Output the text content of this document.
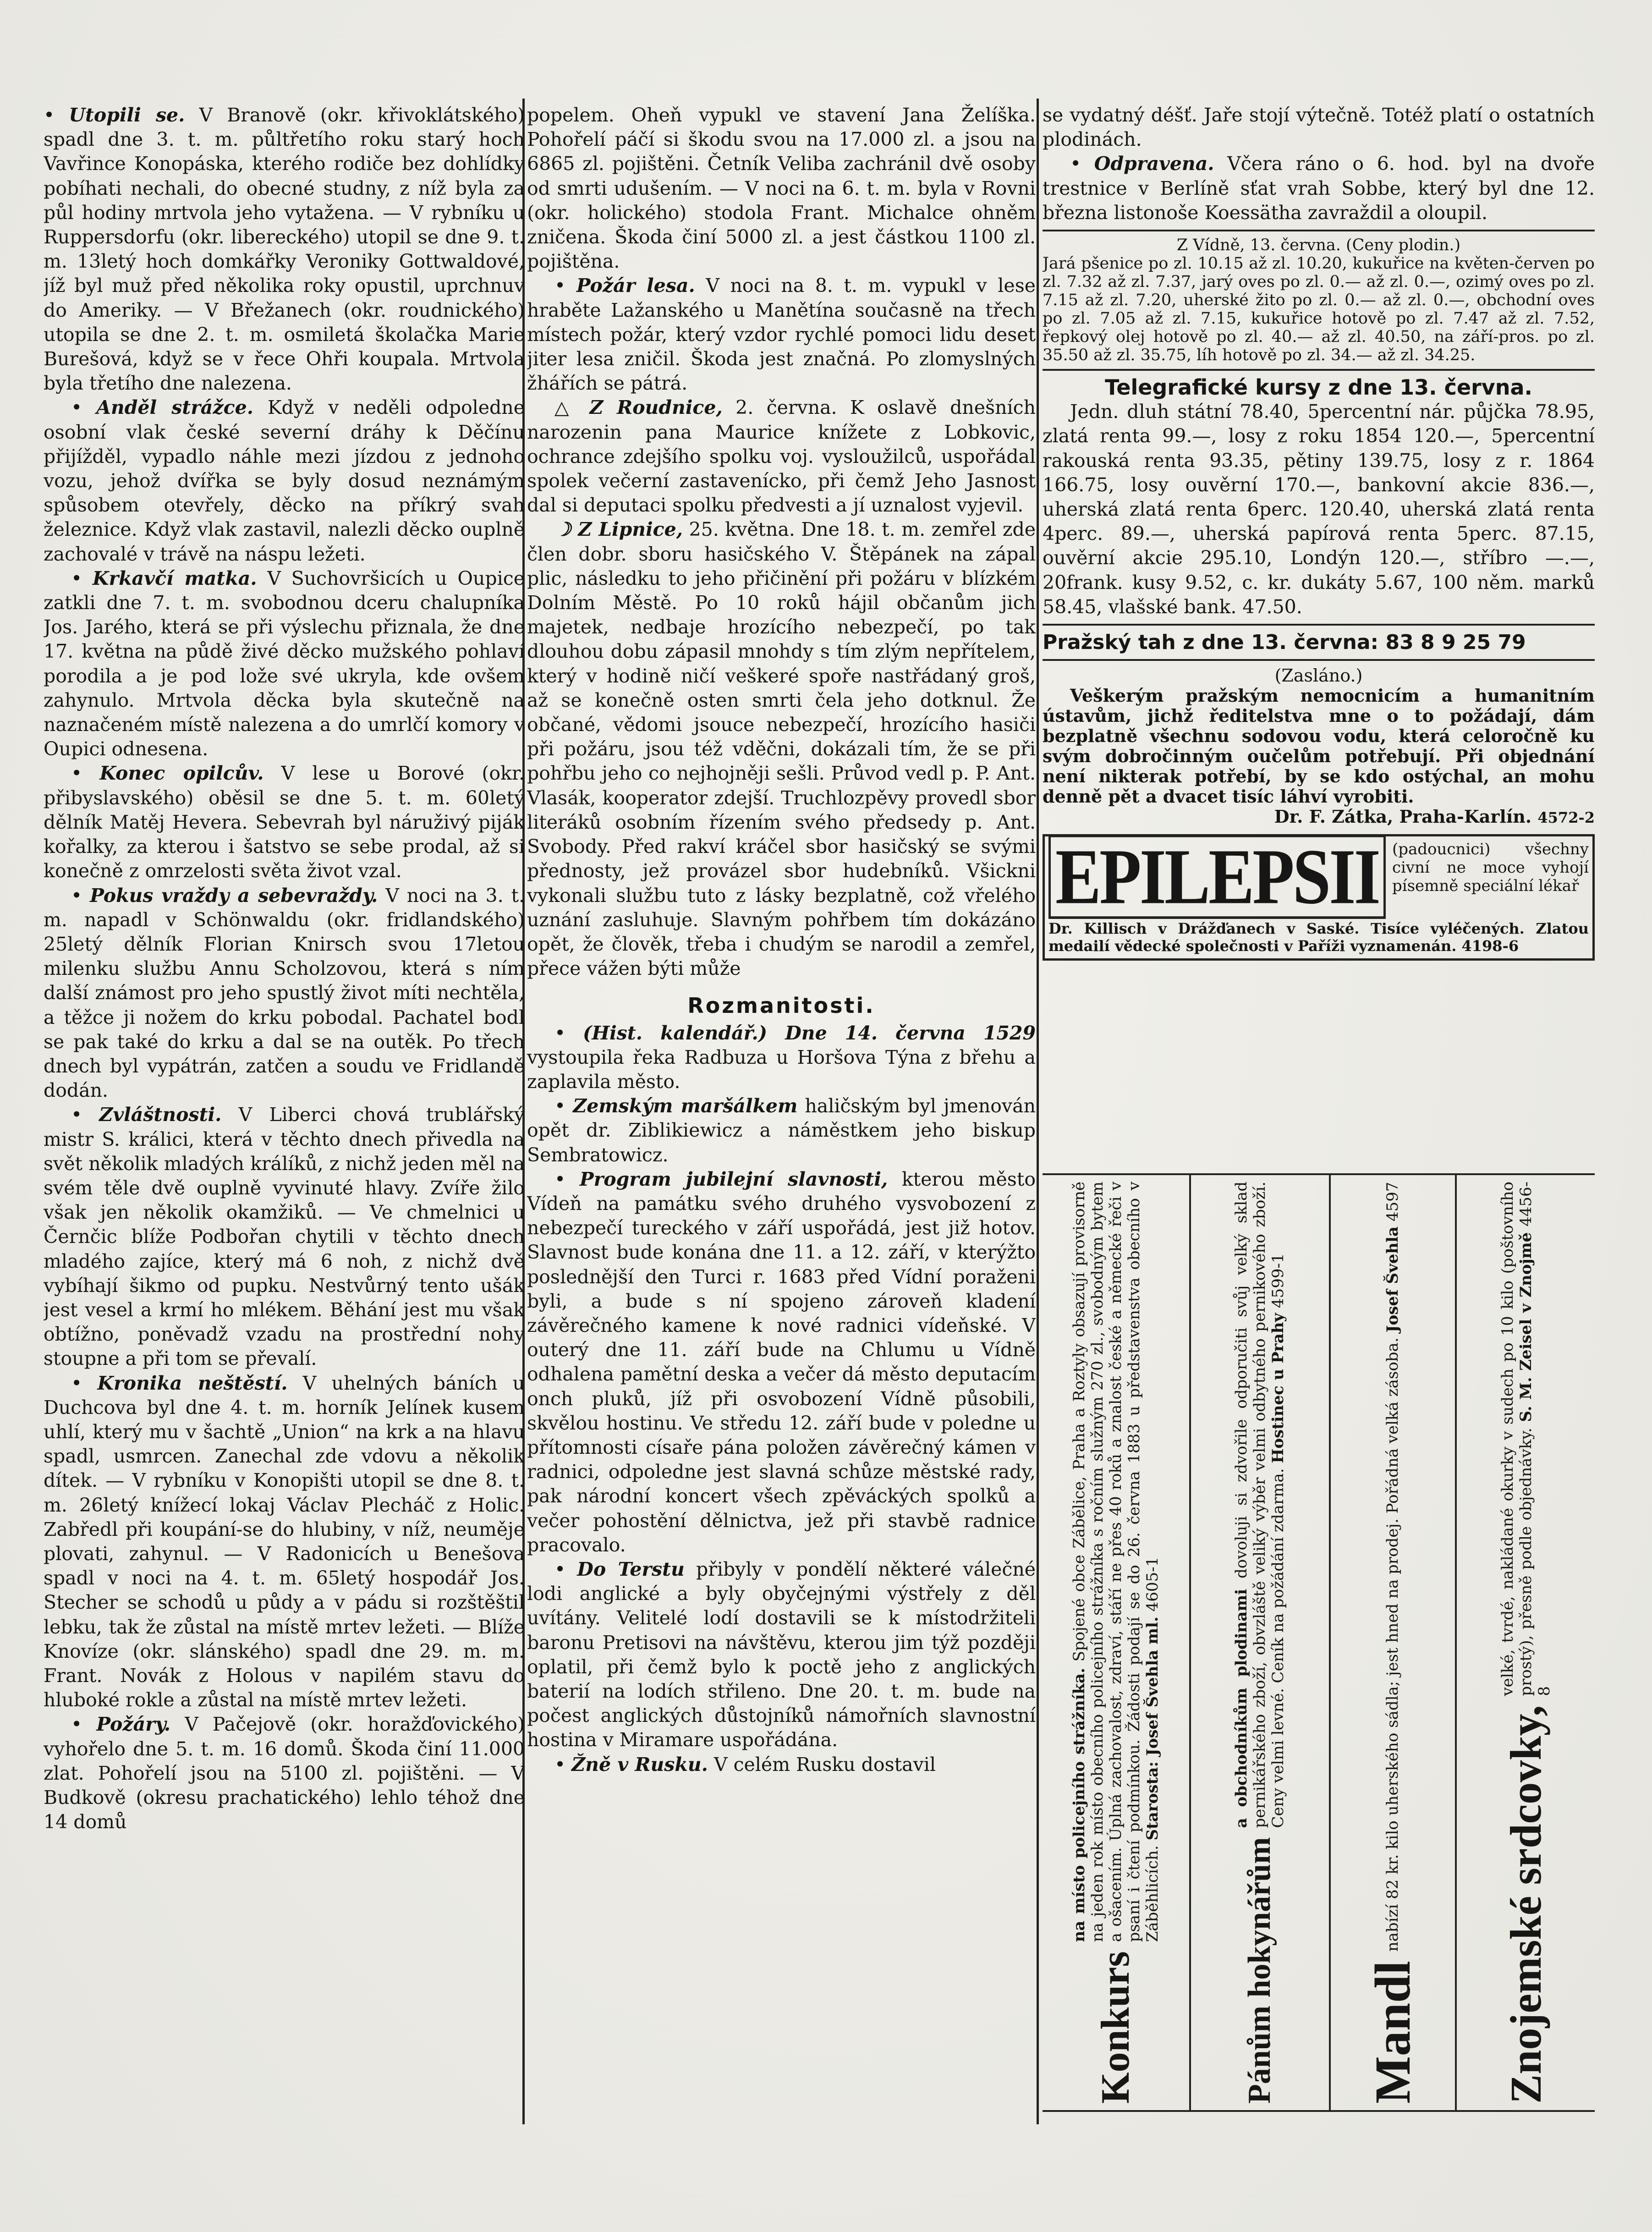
• Utopili se. V Branově (okr. křivoklátského) spadl dne 3. t. m. půltřetího roku starý hoch Vavřince Konopáska, kterého rodiče bez dohlídky pobíhati nechali, do obecné studny, z níž byla za půl hodiny mrtvola jeho vytažena. — V rybníku u Ruppersdorfu (okr. libereckého) utopil se dne 9. t. m. 13letý hoch domkářky Veroniky Gottwaldové, jíž byl muž před několika roky opustil, uprchnuv do Ameriky. — V Břežanech (okr. roudnického) utopila se dne 2. t. m. osmiletá školačka Marie Burešová, když se v řece Ohři koupala. Mrtvola byla třetího dne nalezena.

• Anděl strážce. Když v neděli odpoledne osobní vlak české severní dráhy k Děčínu přijížděl, vypadlo náhle mezi jízdou z jednoho vozu, jehož dvířka se byly dosud neznámým spůsobem otevřely, děcko na příkrý svah železnice. Když vlak zastavil, nalezli děcko ouplně zachovalé v trávě na náspu ležeti.

• Krkavčí matka. V Suchovršicích u Oupice zatkli dne 7. t. m. svobodnou dceru chalupníka Jos. Jarého, která se při výslechu přiznala, že dne 17. května na půdě živé děcko mužského pohlaví porodila a je pod lože své ukryla, kde ovšem zahynulo. Mrtvola děcka byla skutečně na naznačeném místě nalezena a do umrlčí komory v Oupici odnesena.

• Konec opilcův. V lese u Borové (okr. přibyslavského) oběsil se dne 5. t. m. 60letý dělník Matěj Hevera. Sebevrah byl náruživý piják kořalky, za kterou i šatstvo se sebe prodal, až si konečně z omrzelosti světa život vzal.

• Pokus vraždy a sebevraždy. V noci na 3. t. m. napadl v Schönwaldu (okr. fridlandského) 25letý dělník Florian Knirsch svou 17letou milenku službu Annu Scholzovou, která s ním další známost pro jeho spustlý život míti nechtěla, a těžce ji nožem do krku pobodal. Pachatel bodl se pak také do krku a dal se na outěk. Po třech dnech byl vypátrán, zatčen a soudu ve Fridlandě dodán.

• Zvláštnosti. V Liberci chová trublářský mistr S. králici, která v těchto dnech přivedla na svět několik mladých králíků, z nichž jeden měl na svém těle dvě ouplně vyvinuté hlavy. Zvíře žilo však jen několik okamžiků. — Ve chmelnici u Černčic blíže Podbořan chytili v těchto dnech mladého zajíce, který má 6 noh, z nichž dvě vybíhají šikmo od pupku. Nestvůrný tento ušák jest vesel a krmí ho mlékem. Běhání jest mu však obtížno, poněvadž vzadu na prostřední nohy stoupne a při tom se převalí.

• Kronika neštěstí. V uhelných báních u Duchcova byl dne 4. t. m. horník Jelínek kusem uhlí, který mu v šachtě „Union“ na krk a na hlavu spadl, usmrcen. Zanechal zde vdovu a několik dítek. — V rybníku v Konopišti utopil se dne 8. t. m. 26letý knížecí lokaj Václav Plecháč z Holic. Zabředl při koupání-se do hlubiny, v níž, neuměje plovati, zahynul. — V Radonicích u Benešova spadl v noci na 4. t. m. 65letý hospodář Jos. Stecher se schodů u půdy a v pádu si rozštěštil lebku, tak že zůstal na místě mrtev ležeti. — Blíže Knovíze (okr. slánského) spadl dne 29. m. m. Frant. Novák z Holous v napilém stavu do hluboké rokle a zůstal na místě mrtev ležeti.

• Požáry. V Pačejově (okr. horažďovického) vyhořelo dne 5. t. m. 16 domů. Škoda činí 11.000 zlat. Pohořelí jsou na 5100 zl. pojištěni. — V Budkově (okresu prachatického) lehlo téhož dne 14 domů

popelem. Oheň vypukl ve stavení Jana Želíška. Pohořelí páčí si škodu svou na 17.000 zl. a jsou na 6865 zl. pojištěni. Četník Veliba zachránil dvě osoby od smrti udušením. — V noci na 6. t. m. byla v Rovni (okr. holického) stodola Frant. Michalce ohněm zničena. Škoda činí 5000 zl. a jest částkou 1100 zl. pojištěna.

• Požár lesa. V noci na 8. t. m. vypukl v lese hraběte Lažanského u Manětína současně na třech místech požár, který vzdor rychlé pomoci lidu deset jiter lesa zničil. Škoda jest značná. Po zlomyslných žhářích se pátrá.

△ Z Roudnice, 2. června. K oslavě dnešních narozenin pana Maurice knížete z Lobkovic, ochrance zdejšího spolku voj. vysloužilců, uspořádal spolek večerní zastavenícko, při čemž Jeho Jasnost dal si deputaci spolku předvesti a jí uznalost vyjevil.

☽ Z Lipnice, 25. května. Dne 18. t. m. zemřel zde člen dobr. sboru hasičského V. Štěpánek na zápal plic, následku to jeho přičinění při požáru v blízkém Dolním Městě. Po 10 roků hájil občanům jich majetek, nedbaje hrozícího nebezpečí, po tak dlouhou dobu zápasil mnohdy s tím zlým nepřítelem, který v hodině ničí veškeré spoře nastřádaný groš, až se konečně osten smrti čela jeho dotknul. Že občané, vědomi jsouce nebezpečí, hrozícího hasiči při požáru, jsou též vděčni, dokázali tím, že se při pohřbu jeho co nejhojněji sešli. Průvod vedl p. P. Ant. Vlasák, kooperator zdejší. Truchlozpěvy provedl sbor literáků osobním řízením svého předsedy p. Ant. Svobody. Před rakví kráčel sbor hasičský se svými přednosty, jež provázel sbor hudebníků. Všickni vykonali službu tuto z lásky bezplatně, což vřelého uznání zasluhuje. Slavným pohřbem tím dokázáno opět, že člověk, třeba i chudým se narodil a zemřel, přece vážen býti může

Rozmanitosti.

• (Hist. kalendář.) Dne 14. června 1529 vystoupila řeka Radbuza u Horšova Týna z břehu a zaplavila město.

• Zemským maršálkem haličským byl jmenován opět dr. Ziblikiewicz a náměstkem jeho biskup Sembratowicz.

• Program jubilejní slavnosti, kterou město Vídeň na památku svého druhého vysvobození z nebezpečí tureckého v září uspořádá, jest již hotov. Slavnost bude konána dne 11. a 12. září, v kterýžto poslednější den Turci r. 1683 před Vídní poraženi byli, a bude s ní spojeno zároveň kladení závěrečného kamene k nové radnici vídeňské. V outerý dne 11. září bude na Chlumu u Vídně odhalena pamětní deska a večer dá město deputacím onch pluků, jíž při osvobození Vídně působili, skvělou hostinu. Ve středu 12. září bude v poledne u přítomnosti císaře pána položen závěrečný kámen v radnici, odpoledne jest slavná schůze městské rady, pak národní koncert všech zpěváckých spolků a večer pohostění dělnictva, jež při stavbě radnice pracovalo.

• Do Terstu přibyly v pondělí některé válečné lodi anglické a byly obyčejnými výstřely z děl uvítány. Velitelé lodí dostavili se k místodržiteli baronu Pretisovi na návštěvu, kterou jim týž později oplatil, při čemž bylo k poctě jeho z anglických baterií na lodích střileno. Dne 20. t. m. bude na počest anglických důstojníků námořních slavnostní hostina v Miramare uspořádána.

• Žně v Rusku. V celém Rusku dostavil

se vydatný déšť. Jaře stojí výtečně. Totéž platí o ostatních plodinách.

• Odpravena. Včera ráno o 6. hod. byl na dvoře trestnice v Berlíně sťat vrah Sobbe, který byl dne 12. března listonoše Koessätha zavraždil a oloupil.

Z Vídně, 13. června. (Ceny plodin.)
Jará pšenice po zl. 10.15 až zl. 10.20, kukuřice na květen-červen po zl. 7.32 až zl. 7.37, jarý oves po zl. 0.— až zl. 0.—, ozimý oves po zl. 7.15 až zl. 7.20, uherské žito po zl. 0.— až zl. 0.—, obchodní oves po zl. 7.05 až zl. 7.15, kukuřice hotově po zl. 7.47 až zl. 7.52, řepkový olej hotově po zl. 40.— až zl. 40.50, na září-pros. po zl. 35.50 až zl. 35.75, líh hotově po zl. 34.— až zl. 34.25.
Telegrafické kursy z dne 13. června.

Jedn. dluh státní 78.40, 5percentní nár. půjčka 78.95, zlatá renta 99.—, losy z roku 1854 120.—, 5percentní rakouská renta 93.35, pětiny 139.75, losy z r. 1864 166.75, losy ouvěrní 170.—, bankovní akcie 836.—, uherská zlatá renta 6perc. 120.40, uherská zlatá renta 4perc. 89.—, uherská papírová renta 5perc. 87.15, ouvěrní akcie 295.10, Londýn 120.—, stříbro —.—, 20frank. kusy 9.52, c. kr. dukáty 5.67, 100 něm. marků 58.45, vlašské bank. 47.50.

Pražský tah z dne 13. června: 83 8 9 25 79
(Zasláno.)

Veškerým pražským nemocnicím a humanitním ústavům, jichž ředitelstva mne o to požádají, dám bezplatně všechnu sodovou vodu, která celoročně ku svým dobročinným oučelům potřebují. Při objednání není nikterak potřebí, by se kdo ostýchal, an mohu denně pět a dvacet tisíc láhví vyrobiti.

Dr. F. Zátka, Praha-Karlín. 4572-2
EPILEPSII (padoucnici) všechny civní ne moce vyhojí písemně speciální lékař
Dr. Killisch v Drážďanech v Saské. Tisíce vyléčených. Zlatou medailí vědecké společnosti v Paříži vyznamenán. 4198-6
Konkurs
na místo policejního strážníka. Spojené obce Zábělice, Praha a Roztyly obsazují provisorně na jeden rok místo obecního policejního strážníka s ročním služným 270 zl., svobodným bytem a ošacením. Úplná zachovalost, zdraví, stáří ne přes 40 roků a znalost české a německé řeči v psaní i čtení podmínkou. Žádosti podají se do 26. června 1883 u představenstva obecního v Záběhlicích. Starosta: Josef Švehla ml. 4605-1
Pánům hokynářům
a obchodníkům plodinami dovoluji si zdvořile odporučiti svůj velký sklad pernikářského zboží, obvzláště veliký výběr velmi odbytného pernikového zboží. Ceny velmi levné. Ceník na požádání zdarma. Hostinec u Prahy 4599-1
Mandl
nabízí 82 kr. kilo uherského sádla; jest hned na prodej. Pořádná velká zásoba. Josef Švehla 4597
Znojemské srdcovky,
velké, tvrdé, nakládané okurky v sudech po 10 kilo (poštovního prostý), přesně podle objednávky. S. M. Zeisel v Znojmě 4456-8
